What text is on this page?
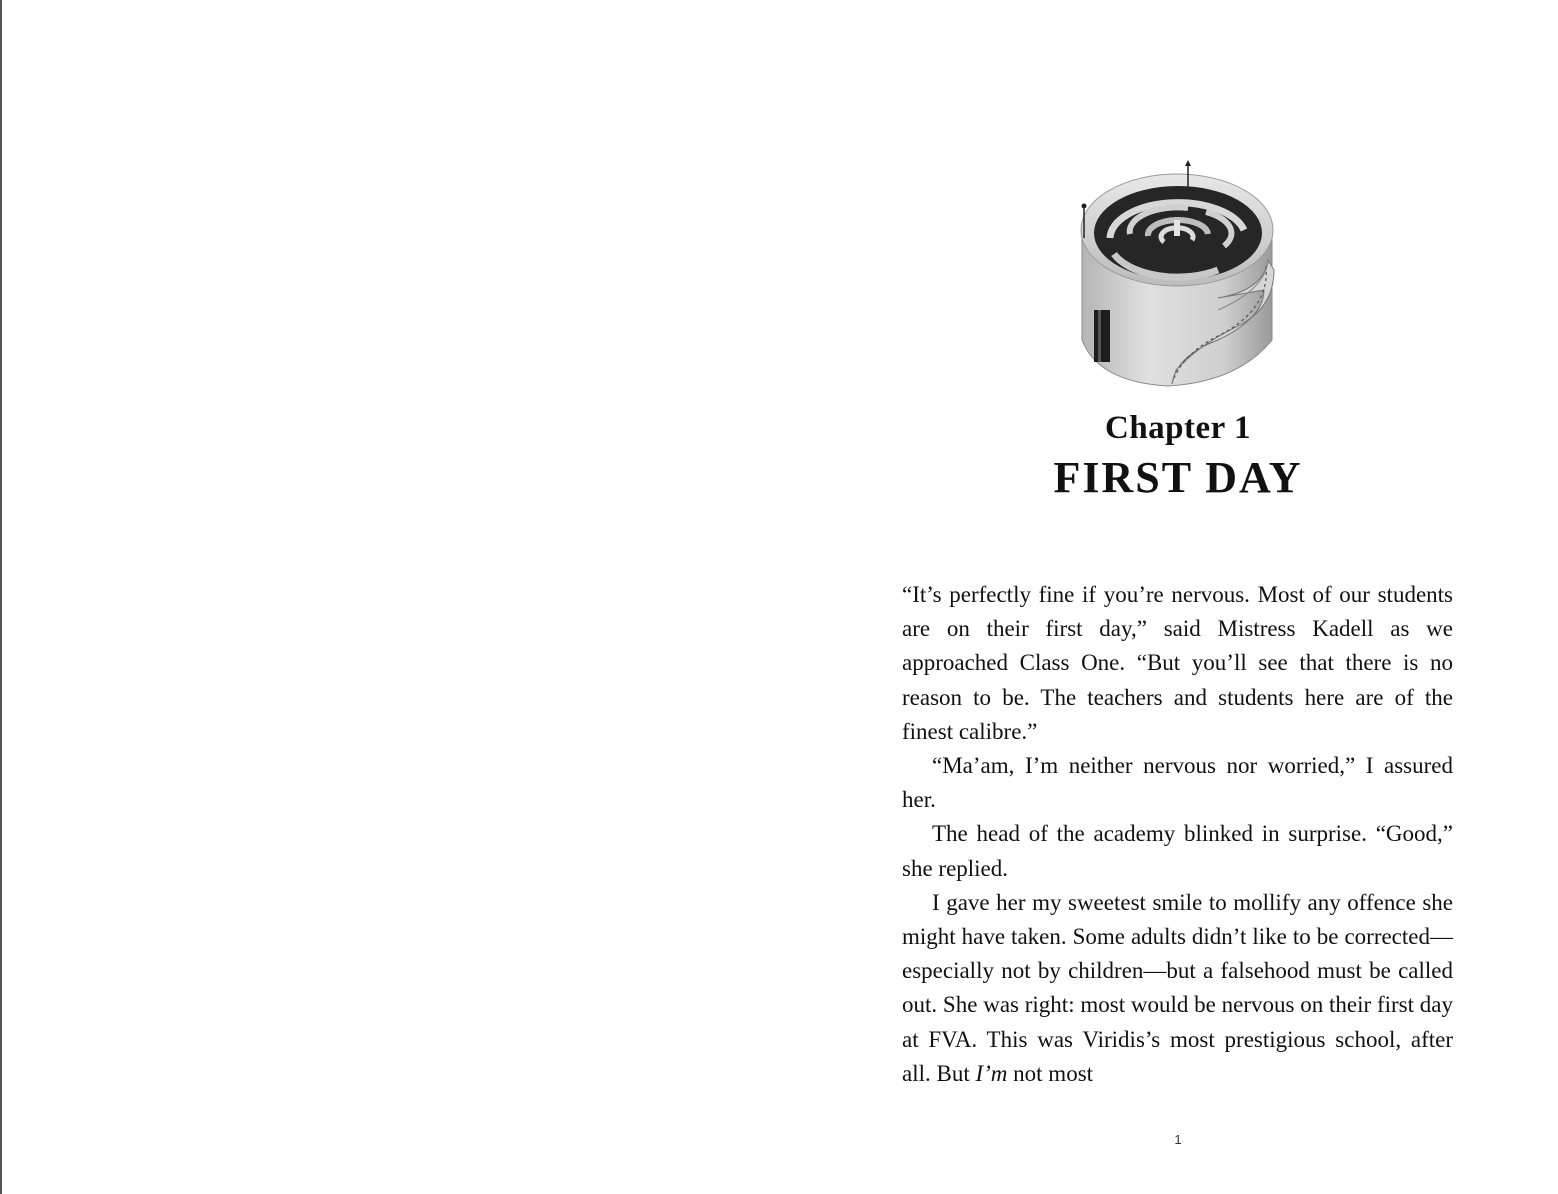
Chapter 1
FIRST DAY

“It’s perfectly fine if you’re nervous. Most of our students are on their first day,” said Mistress Kadell as we approached Class One. “But you’ll see that there is no reason to be. The teachers and students here are of the finest calibre.”

“Ma’am, I’m neither nervous nor worried,” I assured her.

The head of the academy blinked in surprise. “Good,” she replied.

I gave her my sweetest smile to mollify any offence she might have taken. Some adults didn’t like to be corrected—especially not by children—but a falsehood must be called out. She was right: most would be nervous on their first day at FVA. This was Viridis’s most prestigious school, after all. But I’m not most

1
